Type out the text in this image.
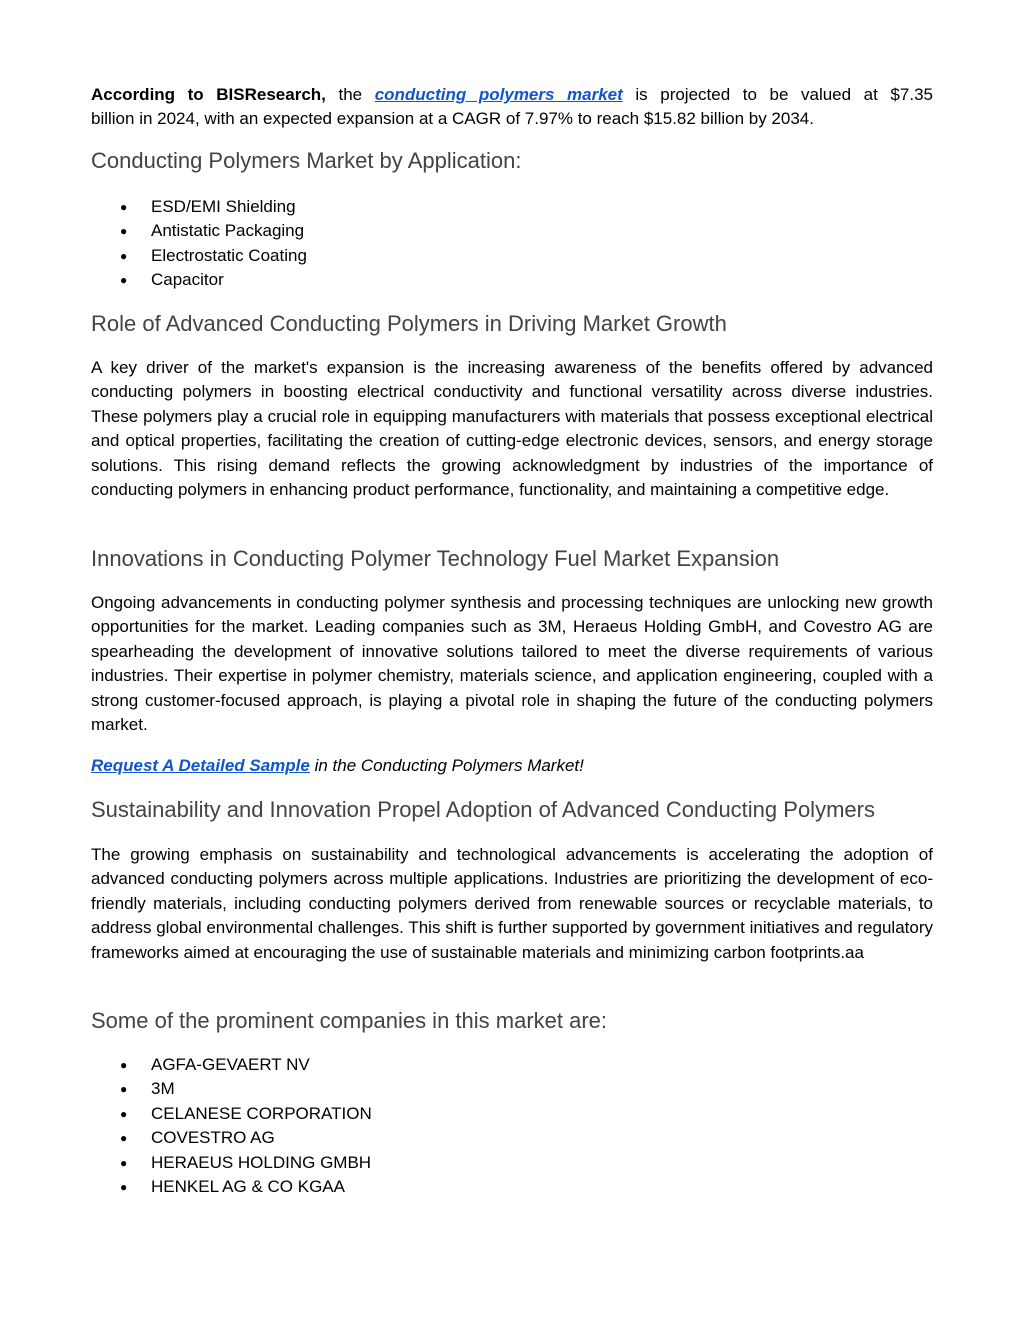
According to BISResearch, the conducting polymers market is projected to be valued at $7.35

billion in 2024, with an expected expansion at a CAGR of 7.97% to reach $15.82 billion by 2034.

Conducting Polymers Market by Application:
● ESD/EMI Shielding
● Antistatic Packaging
● Electrostatic Coating
● Capacitor
Role of Advanced Conducting Polymers in Driving Market Growth

A key driver of the market's expansion is the increasing awareness of the benefits offered by advanced conducting polymers in boosting electrical conductivity and functional versatility across diverse industries. These polymers play a crucial role in equipping manufacturers with materials that possess exceptional electrical and optical properties, facilitating the creation of cutting-edge electronic devices, sensors, and energy storage solutions. This rising demand reflects the growing acknowledgment by industries of the importance of conducting polymers in enhancing product performance, functionality, and maintaining a competitive edge.

Innovations in Conducting Polymer Technology Fuel Market Expansion

Ongoing advancements in conducting polymer synthesis and processing techniques are unlocking new growth opportunities for the market. Leading companies such as 3M, Heraeus Holding GmbH, and Covestro AG are spearheading the development of innovative solutions tailored to meet the diverse requirements of various industries. Their expertise in polymer chemistry, materials science, and application engineering, coupled with a strong customer-focused approach, is playing a pivotal role in shaping the future of the conducting polymers market.

Request A Detailed Sample in the Conducting Polymers Market!

Sustainability and Innovation Propel Adoption of Advanced Conducting Polymers

The growing emphasis on sustainability and technological advancements is accelerating the adoption of advanced conducting polymers across multiple applications. Industries are prioritizing the development of eco-friendly materials, including conducting polymers derived from renewable sources or recyclable materials, to address global environmental challenges. This shift is further supported by government initiatives and regulatory frameworks aimed at encouraging the use of sustainable materials and minimizing carbon footprints.aa

Some of the prominent companies in this market are:
● AGFA-GEVAERT NV
● 3M
● CELANESE CORPORATION
● COVESTRO AG
● HERAEUS HOLDING GMBH
● HENKEL AG & CO KGAA
